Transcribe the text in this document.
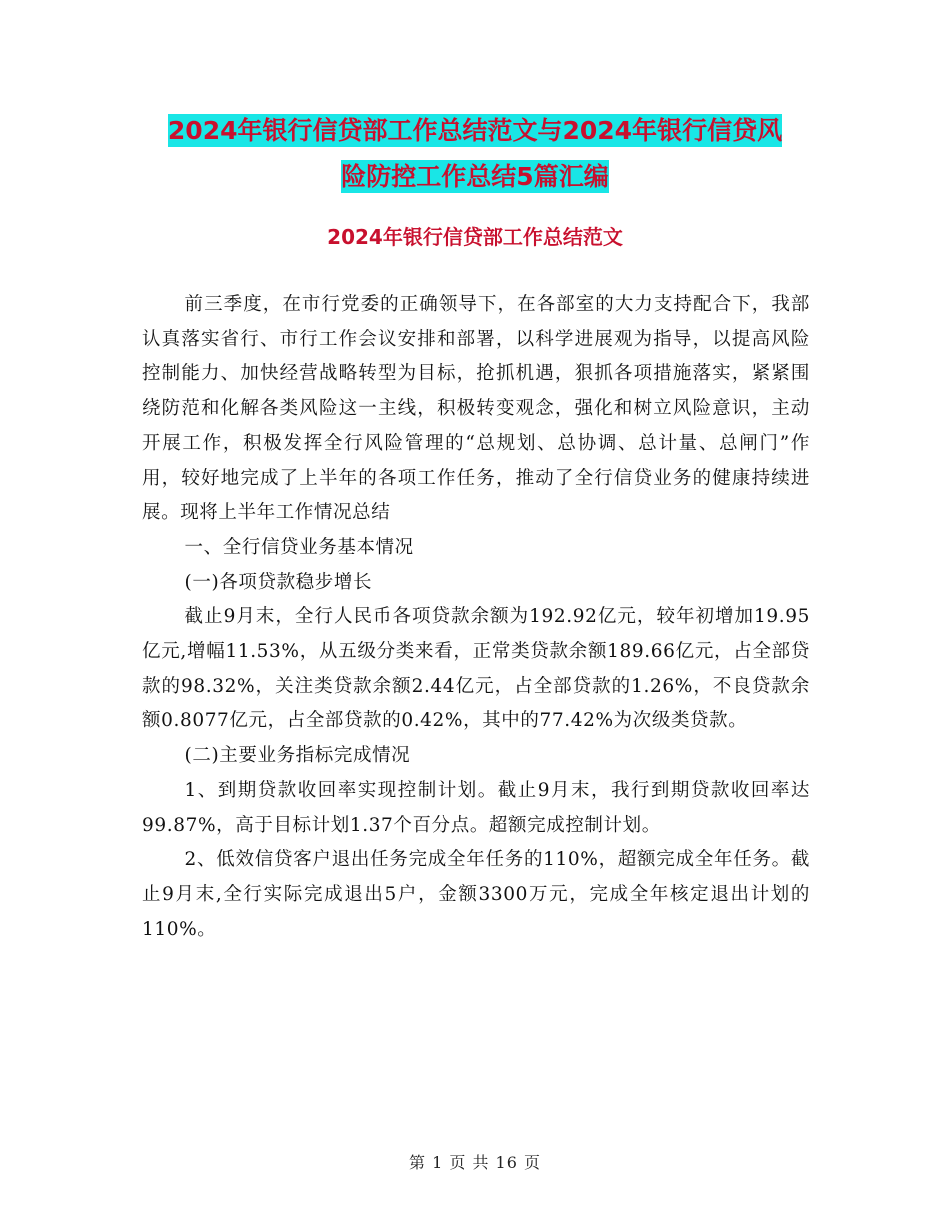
2024年银行信贷部工作总结范文与2024年银行信贷风
险防控工作总结5篇汇编
2024年银行信贷部工作总结范文

前三季度，在市行党委的正确领导下，在各部室的大力支持配合下，我部认真落实省行、市行工作会议安排和部署，以科学进展观为指导，以提高风险控制能力、加快经营战略转型为目标，抢抓机遇，狠抓各项措施落实，紧紧围绕防范和化解各类风险这一主线，积极转变观念，强化和树立风险意识，主动开展工作，积极发挥全行风险管理的“总规划、总协调、总计量、总闸门”作用，较好地完成了上半年的各项工作任务，推动了全行信贷业务的健康持续进展。现将上半年工作情况总结

一、全行信贷业务基本情况

(一)各项贷款稳步增长

截止9月末，全行人民币各项贷款余额为192.92亿元，较年初增加19.95亿元,增幅11.53%，从五级分类来看，正常类贷款余额189.66亿元，占全部贷款的98.32%，关注类贷款余额2.44亿元，占全部贷款的1.26%，不良贷款余额0.8077亿元，占全部贷款的0.42%，其中的77.42%为次级类贷款。

(二)主要业务指标完成情况

1、到期贷款收回率实现控制计划。截止9月末，我行到期贷款收回率达99.87%，高于目标计划1.37个百分点。超额完成控制计划。

2、低效信贷客户退出任务完成全年任务的110%，超额完成全年任务。截止9月末,全行实际完成退出5户，金额3300万元，完成全年核定退出计划的110%。

第 1 页 共 16 页
